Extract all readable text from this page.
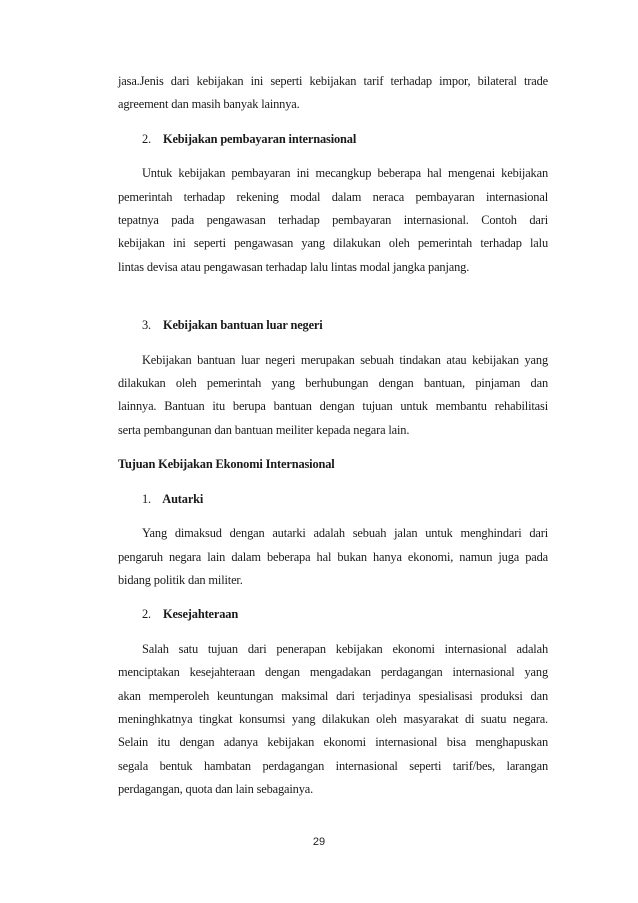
jasa.Jenis dari kebijakan ini seperti kebijakan tarif terhadap impor, bilateral trade
agreement dan masih banyak lainnya.
2. Kebijakan pembayaran internasional
Untuk kebijakan pembayaran ini mecangkup beberapa hal mengenai kebijakan
pemerintah terhadap rekening modal dalam neraca pembayaran internasional
tepatnya pada pengawasan terhadap pembayaran internasional. Contoh dari
kebijakan ini seperti pengawasan yang dilakukan oleh pemerintah terhadap lalu
lintas devisa atau pengawasan terhadap lalu lintas modal jangka panjang.
3. Kebijakan bantuan luar negeri
Kebijakan bantuan luar negeri merupakan sebuah tindakan atau kebijakan yang
dilakukan oleh pemerintah yang berhubungan dengan bantuan, pinjaman dan
lainnya. Bantuan itu berupa bantuan dengan tujuan untuk membantu rehabilitasi
serta pembangunan dan bantuan meiliter kepada negara lain.
Tujuan Kebijakan Ekonomi Internasional
1. Autarki
Yang dimaksud dengan autarki adalah sebuah jalan untuk menghindari dari
pengaruh negara lain dalam beberapa hal bukan hanya ekonomi, namun juga pada
bidang politik dan militer.
2. Kesejahteraan
Salah satu tujuan dari penerapan kebijakan ekonomi internasional adalah
menciptakan kesejahteraan dengan mengadakan perdagangan internasional yang
akan memperoleh keuntungan maksimal dari terjadinya spesialisasi produksi dan
meninghkatnya tingkat konsumsi yang dilakukan oleh masyarakat di suatu negara.
Selain itu dengan adanya kebijakan ekonomi internasional bisa menghapuskan
segala bentuk hambatan perdagangan internasional seperti tarif/bes, larangan
perdagangan, quota dan lain sebagainya.
29
